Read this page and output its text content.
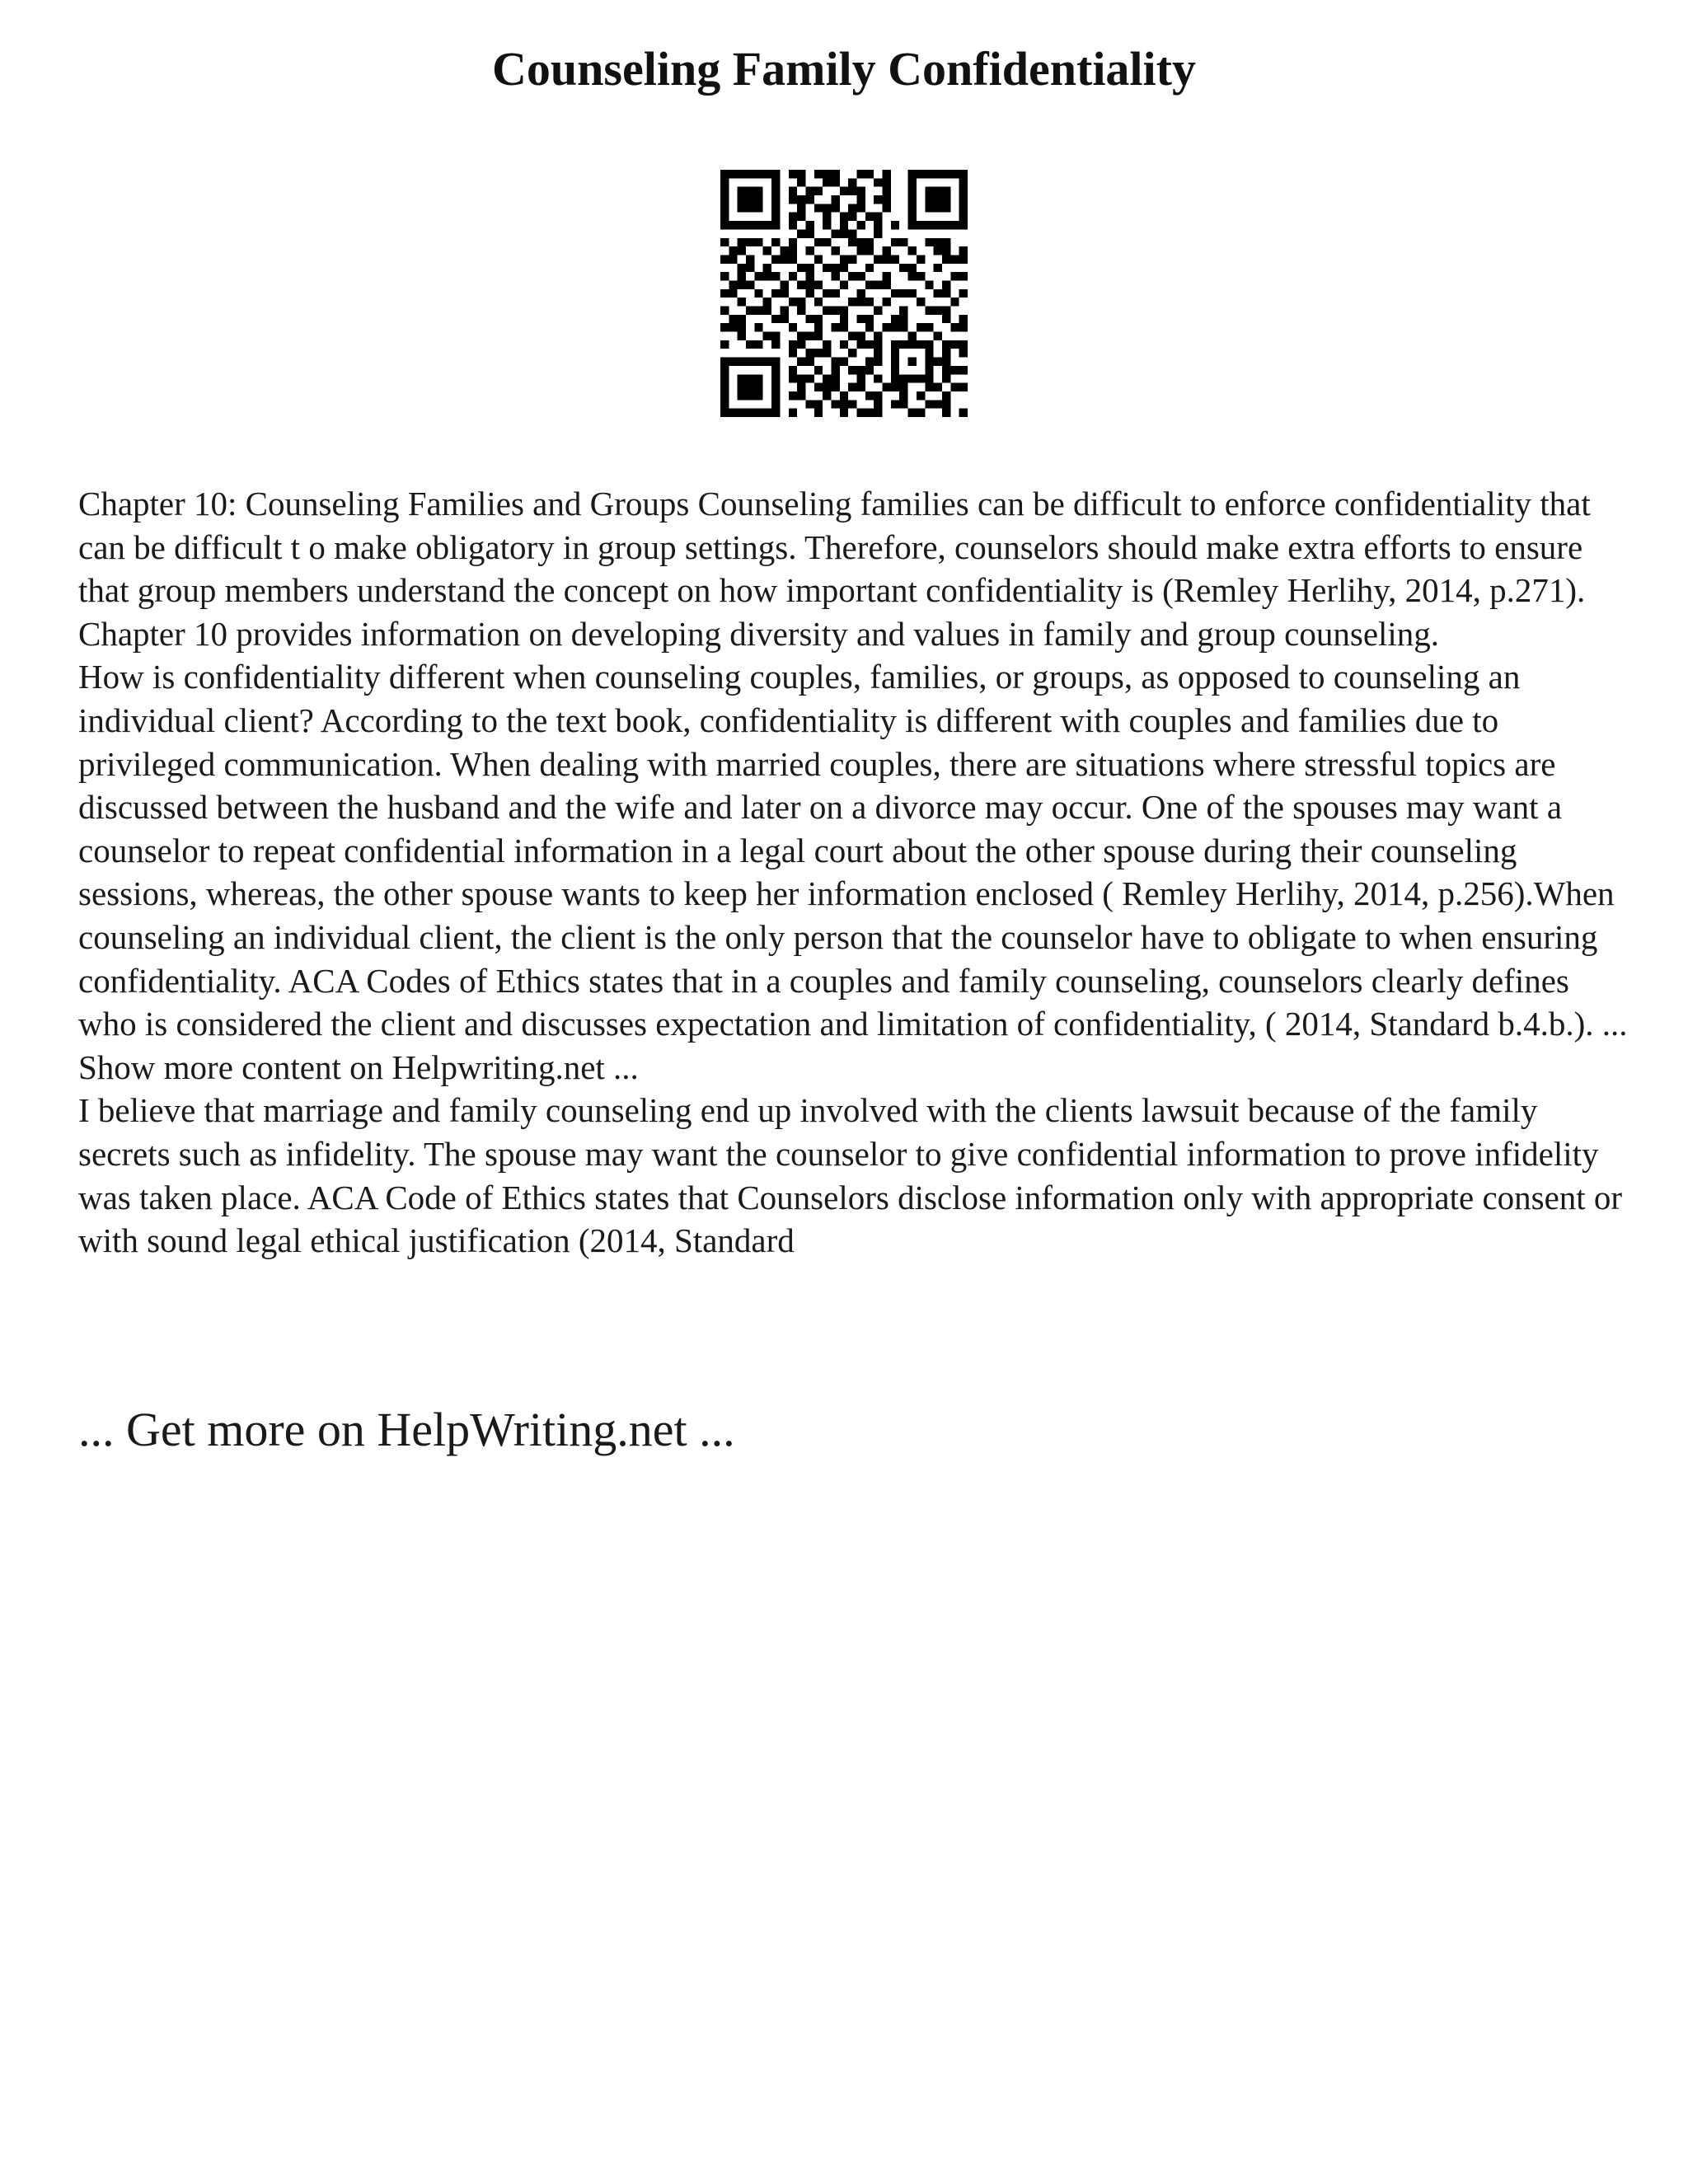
Counseling Family Confidentiality

Chapter 10: Counseling Families and Groups Counseling families can be difficult to enforce confidentiality that can be difficult t o make obligatory in group settings. Therefore, counselors should make extra efforts to ensure that group members understand the concept on how important confidentiality is (Remley Herlihy, 2014, p.271). Chapter 10 provides information on developing diversity and values in family and group counseling.

How is confidentiality different when counseling couples, families, or groups, as opposed to counseling an individual client? According to the text book, confidentiality is different with couples and families due to privileged communication. When dealing with married couples, there are situations where stressful topics are discussed between the husband and the wife and later on a divorce may occur. One of the spouses may want a counselor to repeat confidential information in a legal court about the other spouse during their counseling sessions, whereas, the other spouse wants to keep her information enclosed ( Remley Herlihy, 2014, p.256).When counseling an individual client, the client is the only person that the counselor have to obligate to when ensuring confidentiality. ACA Codes of Ethics states that in a couples and family counseling, counselors clearly defines who is considered the client and discusses expectation and limitation of confidentiality, ( 2014, Standard b.4.b.). ... Show more content on Helpwriting.net ...

I believe that marriage and family counseling end up involved with the clients lawsuit because of the family secrets such as infidelity. The spouse may want the counselor to give confidential information to prove infidelity was taken place. ACA Code of Ethics states that Counselors disclose information only with appropriate consent or with sound legal ethical justification (2014, Standard

... Get more on HelpWriting.net ...
